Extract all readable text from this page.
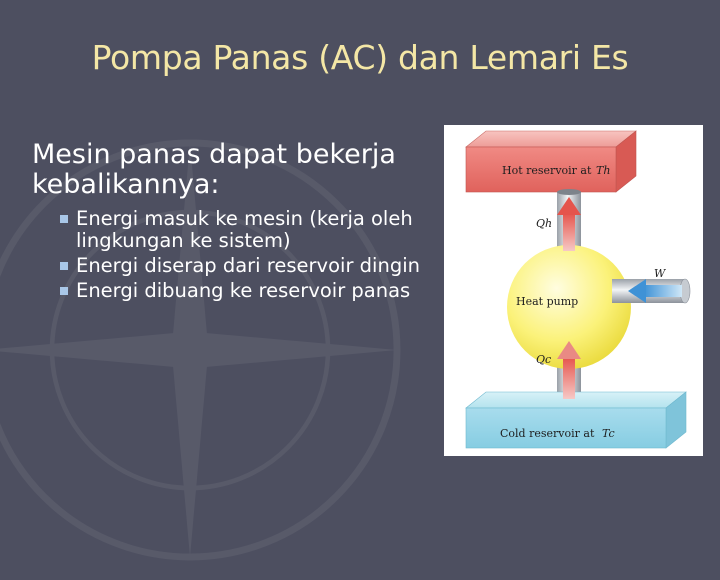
Pompa Panas (AC) dan Lemari Es
Mesin panas dapat bekerja kebalikannya:
Energi masuk ke mesin (kerja oleh lingkungan ke sistem)
Energi diserap dari reservoir dingin
Energi dibuang ke reservoir panas
Hot reservoir at Th
Qh
W
Heat pump
Qc
Cold reservoir at Tc
